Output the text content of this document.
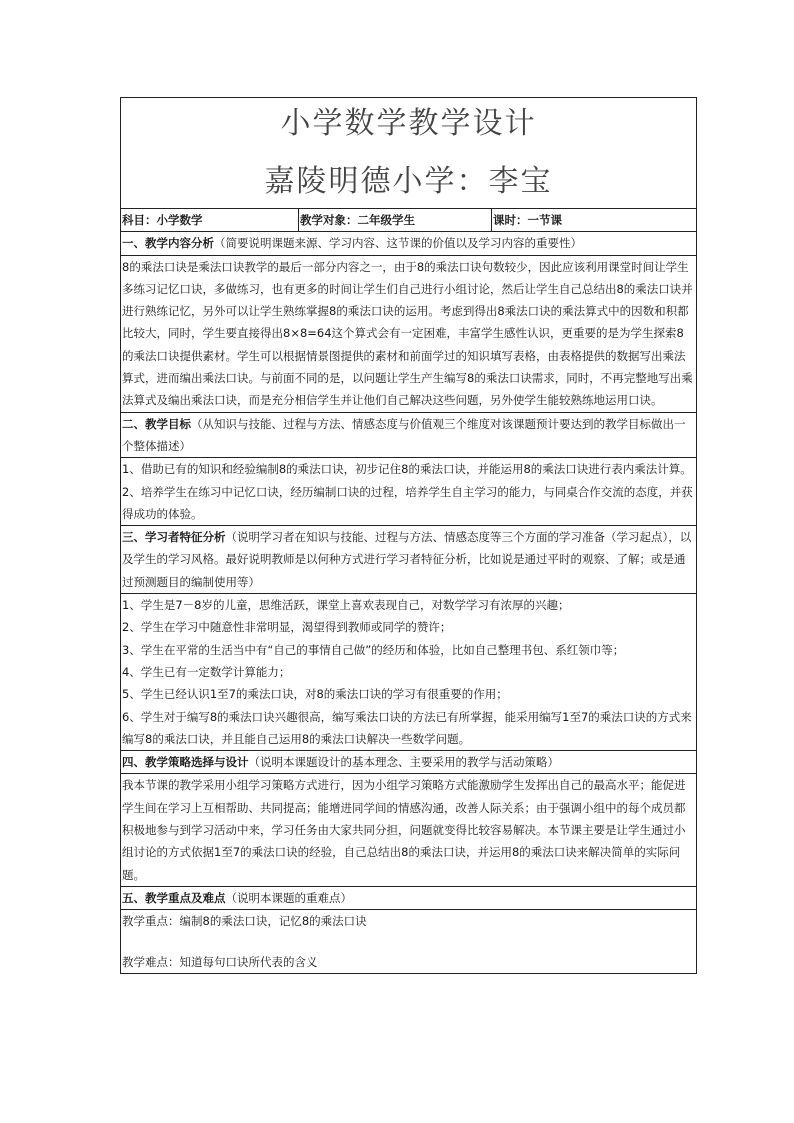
小学数学教学设计
嘉陵明德小学：李宝

科目：小学数学	教学对象：二年级学生	课时：一节课
一、教学内容分析（简要说明课题来源、学习内容、这节课的价值以及学习内容的重要性）

8的乘法口诀是乘法口诀教学的最后一部分内容之一，由于8的乘法口诀句数较少，因此应该利用课堂时间让学生多练习记忆口诀，多做练习，也有更多的时间让学生们自己进行小组讨论，然后让学生自己总结出8的乘法口诀并进行熟练记忆，另外可以让学生熟练掌握8的乘法口诀的运用。考虑到得出8乘法口诀的乘法算式中的因数和积都比较大，同时，学生要直接得出8×8=64这个算式会有一定困难，丰富学生感性认识，更重要的是为学生探索8的乘法口诀提供素材。学生可以根据情景图提供的素材和前面学过的知识填写表格，由表格提供的数据写出乘法算式，进而编出乘法口诀。与前面不同的是，以问题让学生产生编写8的乘法口诀需求，同时，不再完整地写出乘法算式及编出乘法口诀，而是充分相信学生并让他们自己解决这些问题，另外使学生能较熟练地运用口诀。

二、教学目标（从知识与技能、过程与方法、情感态度与价值观三个维度对该课题预计要达到的教学目标做出一个整体描述）

1、借助已有的知识和经验编制8的乘法口诀，初步记住8的乘法口诀，并能运用8的乘法口诀进行表内乘法计算。

2、培养学生在练习中记忆口诀，经历编制口诀的过程，培养学生自主学习的能力，与同桌合作交流的态度，并获得成功的体验。

三、学习者特征分析（说明学习者在知识与技能、过程与方法、情感态度等三个方面的学习准备（学习起点），以及学生的学习风格。最好说明教师是以何种方式进行学习者特征分析，比如说是通过平时的观察、了解；或是通过预测题目的编制使用等）

1、学生是7－8岁的儿童，思维活跃，课堂上喜欢表现自己，对数学学习有浓厚的兴趣；

2、学生在学习中随意性非常明显，渴望得到教师或同学的赞许；

3、学生在平常的生活当中有“自己的事情自己做”的经历和体验，比如自己整理书包、系红领巾等；

4、学生已有一定数学计算能力；

5、学生已经认识1至7的乘法口诀，对8的乘法口诀的学习有很重要的作用；

6、学生对于编写8的乘法口诀兴趣很高，编写乘法口诀的方法已有所掌握，能采用编写1至7的乘法口诀的方式来编写8的乘法口诀，并且能自己运用8的乘法口诀解决一些数学问题。

四、教学策略选择与设计（说明本课题设计的基本理念、主要采用的教学与活动策略）

我本节课的教学采用小组学习策略方式进行，因为小组学习策略方式能激励学生发挥出自己的最高水平；能促进学生间在学习上互相帮助、共同提高；能增进同学间的情感沟通，改善人际关系；由于强调小组中的每个成员都积极地参与到学习活动中来，学习任务由大家共同分担，问题就变得比较容易解决。本节课主要是让学生通过小组讨论的方式依据1至7的乘法口诀的经验，自己总结出8的乘法口诀，并运用8的乘法口诀来解决简单的实际问题。

五、教学重点及难点（说明本课题的重难点）

教学重点：编制8的乘法口诀，记忆8的乘法口诀

教学难点：知道每句口诀所代表的含义
